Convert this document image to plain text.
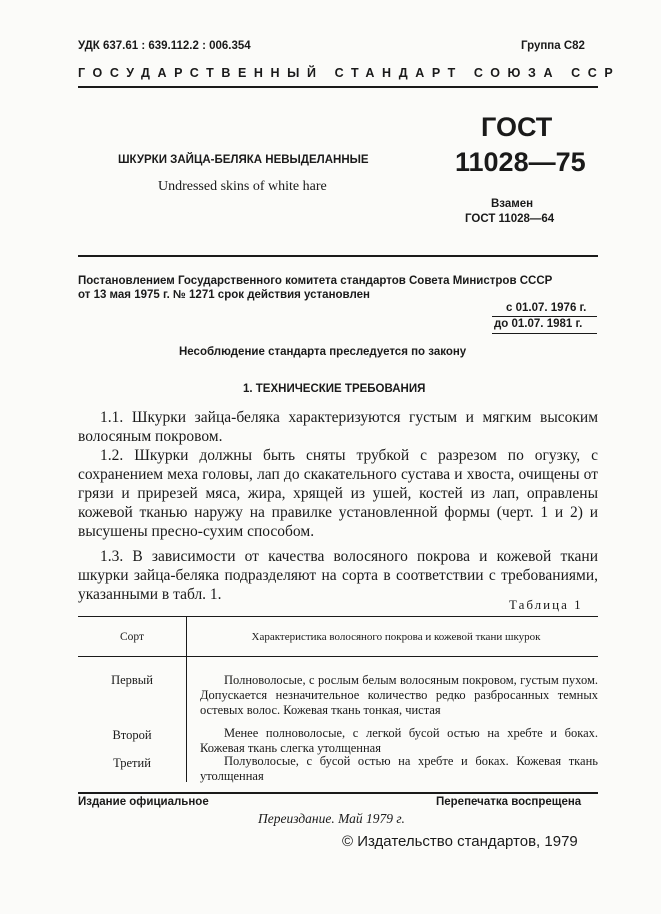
УДК 637.61 : 639.112.2 : 006.354	Группа С82
ГОСУДАРСТВЕННЫЙ СТАНДАРТ СОЮЗА ССР
ШКУРКИ ЗАЙЦА-БЕЛЯКА НЕВЫДЕЛАННЫЕ
Undressed skins of white hare
ГОСТ
11028—75
Взамен
ГОСТ 11028—64
Постановлением Государственного комитета стандартов Совета Министров СССР
от 13 мая 1975 г. № 1271 срок действия установлен
с 01.07. 1976 г.
до 01.07. 1981 г.
Несоблюдение стандарта преследуется по закону
1. ТЕХНИЧЕСКИЕ ТРЕБОВАНИЯ

1.1. Шкурки зайца-беляка характеризуются густым и мягким высоким волосяным покровом.

1.2. Шкурки должны быть сняты трубкой с разрезом по огузку, с сохранением меха головы, лап до скакательного сустава и хвоста, очищены от грязи и прирезей мяса, жира, хрящей из ушей, костей из лап, оправлены кожевой тканью наружу на правилке установленной формы (черт. 1 и 2) и высушены пресно-сухим способом.

1.3. В зависимости от качества волосяного покрова и кожевой ткани шкурки зайца-беляка подразделяют на сорта в соответствии с требованиями, указанными в табл. 1.

Таблица 1
Сорт	Характеристика волосяного покрова и кожевой ткани шкурок
Первый	Полноволосые, с рослым белым волосяным покровом, густым пухом. Допускается незначительное количество редко разбросанных темных остевых волос. Кожевая ткань тонкая, чистая
Второй	Менее полноволосые, с легкой бусой остью на хребте и боках. Кожевая ткань слегка утолщенная
Третий	Полуволосые, с бусой остью на хребте и боках. Кожевая ткань утолщенная
Издание официальное	Перепечатка воспрещена
Переиздание. Май 1979 г.
© Издательство стандартов, 1979
